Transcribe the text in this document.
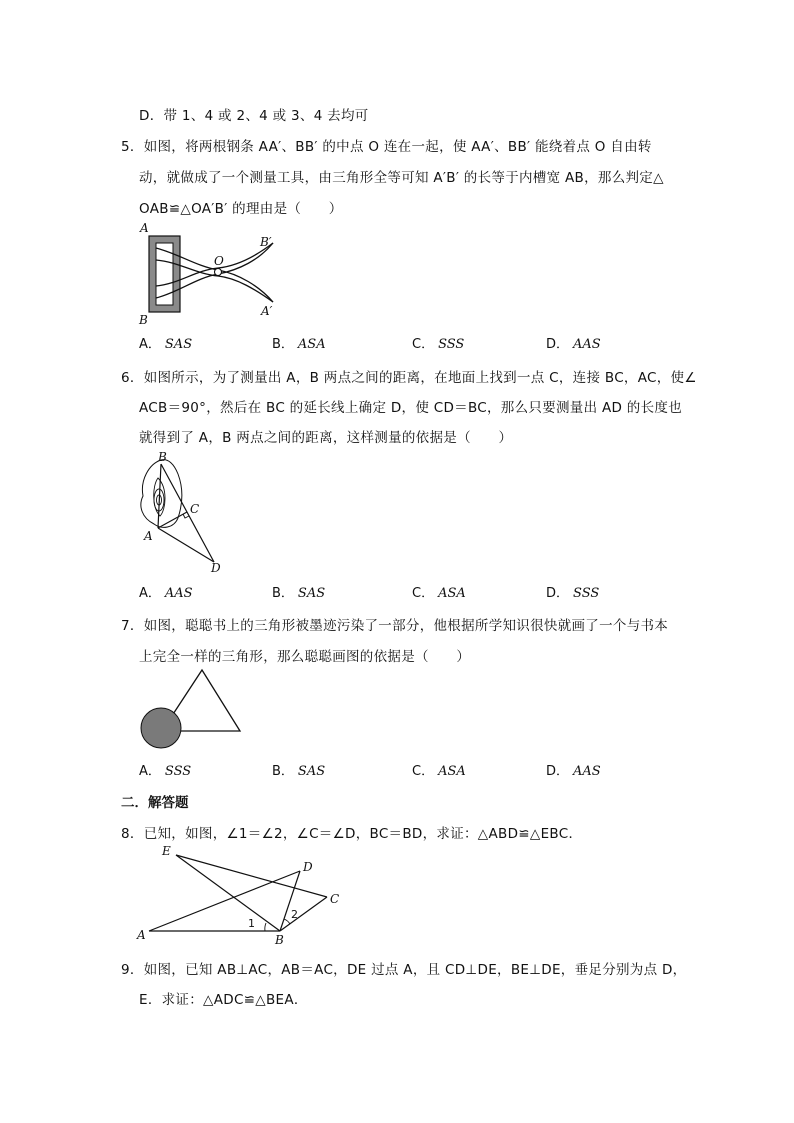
D．带 1、4 或 2、4 或 3、4 去均可
5．如图，将两根钢条 AA′、BB′ 的中点 O 连在一起，使 AA′、BB′ 能绕着点 O 自由转
动，就做成了一个测量工具，由三角形全等可知 A′B′ 的长等于内槽宽 AB，那么判定△
OAB≌△OA′B′ 的理由是（　　）
A
B
O
B′
A′
A． SAS	B． ASA	C． SSS	D． AAS
6．如图所示，为了测量出 A，B 两点之间的距离，在地面上找到一点 C，连接 BC，AC，使∠
ACB＝90°，然后在 BC 的延长线上确定 D，使 CD＝BC，那么只要测量出 AD 的长度也
就得到了 A，B 两点之间的距离，这样测量的依据是（　　）
B
C
A
D
A． AAS	B． SAS	C． ASA	D． SSS
7．如图，聪聪书上的三角形被墨迹污染了一部分，他根据所学知识很快就画了一个与书本
上完全一样的三角形，那么聪聪画图的依据是（　　）
A． SSS	B． SAS	C． ASA	D． AAS
二．解答题
8．已知，如图，∠1＝∠2，∠C＝∠D，BC＝BD，求证：△ABD≌△EBC．
E
D
C
A	B
1
2
9．如图，已知 AB⊥AC，AB＝AC，DE 过点 A，且 CD⊥DE，BE⊥DE，垂足分别为点 D，
E．求证：△ADC≌△BEA．
